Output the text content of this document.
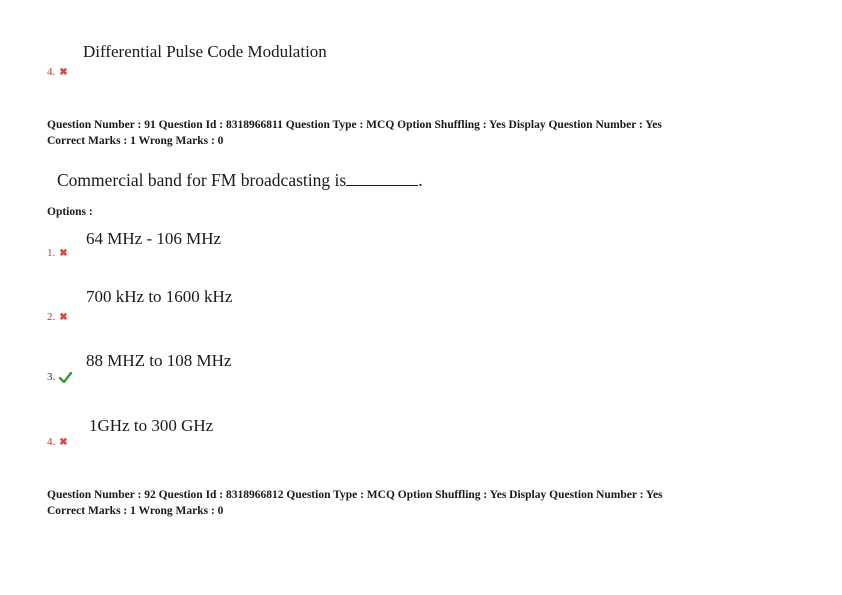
Differential Pulse Code Modulation
4. ✖
Question Number : 91 Question Id : 8318966811 Question Type : MCQ Option Shuffling : Yes Display Question Number : Yes
Correct Marks : 1 Wrong Marks : 0
Commercial band for FM broadcasting is	.
Options :
64 MHz - 106 MHz
1. ✖
700 kHz to 1600 kHz
2. ✖
88 MHZ to 108 MHz
3.
1GHz to 300 GHz
4. ✖
Question Number : 92 Question Id : 8318966812 Question Type : MCQ Option Shuffling : Yes Display Question Number : Yes
Correct Marks : 1 Wrong Marks : 0
